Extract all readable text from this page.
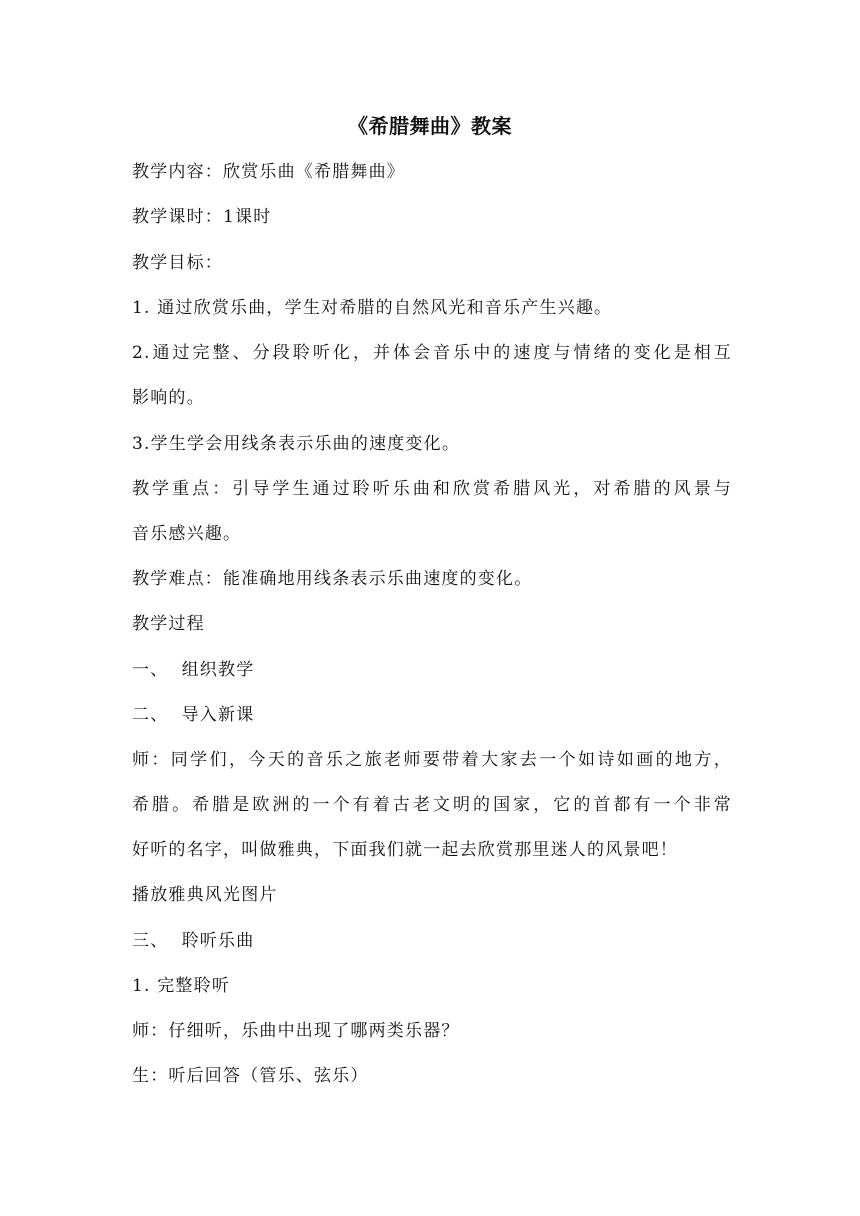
《希腊舞曲》教案
教学内容：欣赏乐曲《希腊舞曲》
教学课时：1课时
教学目标：
1. 通过欣赏乐曲，学生对希腊的自然风光和音乐产生兴趣。
2.通过完整、分段聆听化，并体会音乐中的速度与情绪的变化是相互
影响的。
3.学生学会用线条表示乐曲的速度变化。
教学重点：引导学生通过聆听乐曲和欣赏希腊风光，对希腊的风景与
音乐感兴趣。
教学难点：能准确地用线条表示乐曲速度的变化。
教学过程
一、  组织教学
二、  导入新课
师：同学们，今天的音乐之旅老师要带着大家去一个如诗如画的地方，
希腊。希腊是欧洲的一个有着古老文明的国家，它的首都有一个非常
好听的名字，叫做雅典，下面我们就一起去欣赏那里迷人的风景吧！
播放雅典风光图片
三、  聆听乐曲
1. 完整聆听
师：仔细听，乐曲中出现了哪两类乐器？
生：听后回答（管乐、弦乐）
